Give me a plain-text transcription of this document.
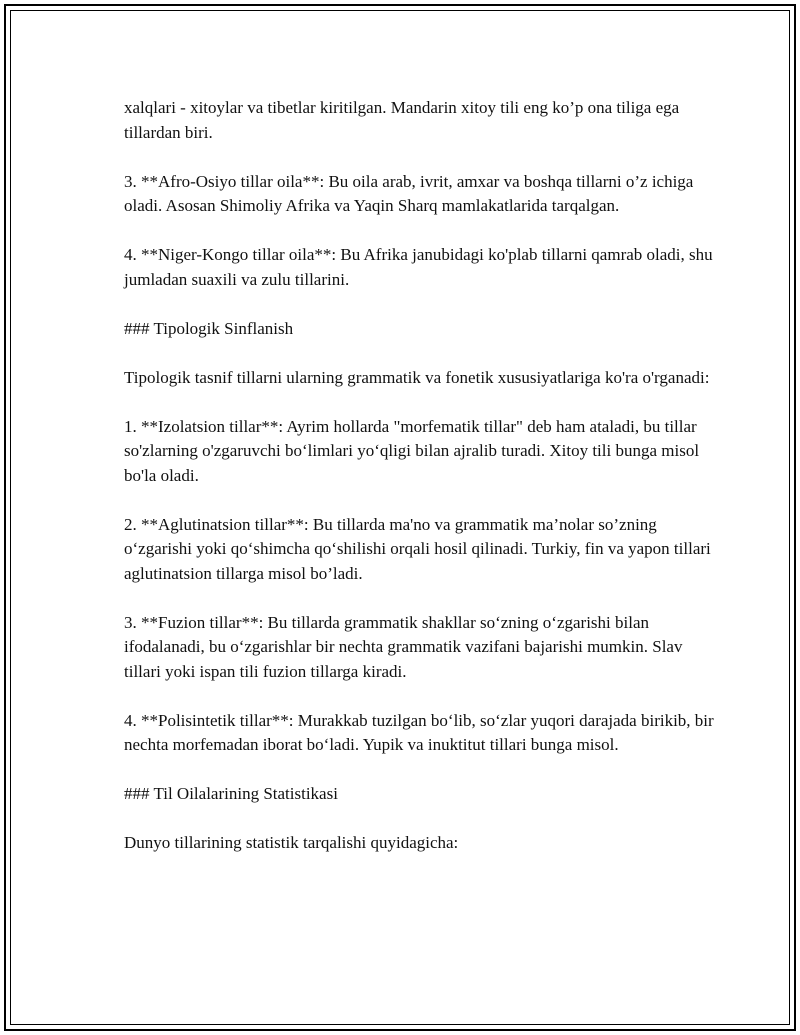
xalqlari - xitoylar va tibetlar kiritilgan. Mandarin xitoy tili eng ko’p ona tiliga ega tillardan biri.

3. **Afro-Osiyo tillar oila**: Bu oila arab, ivrit, amxar va boshqa tillarni o’z ichiga oladi. Asosan Shimoliy Afrika va Yaqin Sharq mamlakatlarida tarqalgan.

4. **Niger-Kongo tillar oila**: Bu Afrika janubidagi ko'plab tillarni qamrab oladi, shu jumladan suaxili va zulu tillarini.

### Tipologik Sinflanish

Tipologik tasnif tillarni ularning grammatik va fonetik xususiyatlariga ko'ra o'rganadi:

1. **Izolatsion tillar**: Ayrim hollarda "morfematik tillar" deb ham ataladi, bu tillar so'zlarning o'zgaruvchi bo‘limlari yo‘qligi bilan ajralib turadi. Xitoy tili bunga misol bo'la oladi.

2. **Aglutinatsion tillar**: Bu tillarda ma'no va grammatik ma’nolar so’zning o‘zgarishi yoki qo‘shimcha qo‘shilishi orqali hosil qilinadi. Turkiy, fin va yapon tillari aglutinatsion tillarga misol bo’ladi.

3. **Fuzion tillar**: Bu tillarda grammatik shakllar so‘zning o‘zgarishi bilan ifodalanadi, bu o‘zgarishlar bir nechta grammatik vazifani bajarishi mumkin. Slav tillari yoki ispan tili fuzion tillarga kiradi.

4. **Polisintetik tillar**: Murakkab tuzilgan bo‘lib, so‘zlar yuqori darajada birikib, bir nechta morfemadan iborat bo‘ladi. Yupik va inuktitut tillari bunga misol.

### Til Oilalarining Statistikasi

Dunyo tillarining statistik tarqalishi quyidagicha:
